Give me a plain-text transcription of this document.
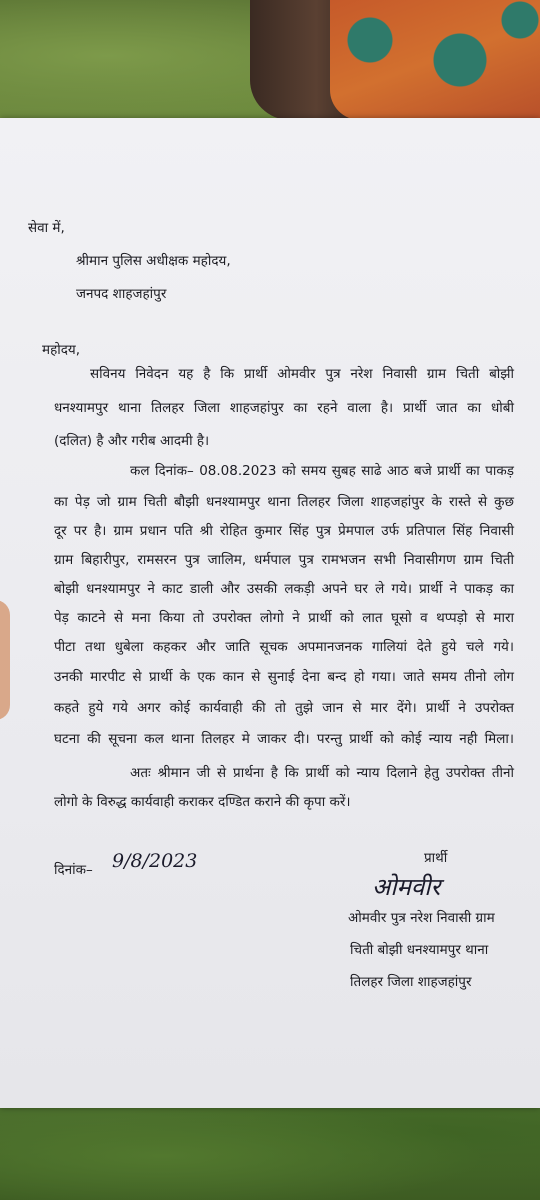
सेवा में,
श्रीमान पुलिस अधीक्षक महोदय,
जनपद शाहजहांपुर
महोदय,
सविनय निवेदन यह है कि प्रार्थी ओमवीर पुत्र नरेश निवासी ग्राम चिती बोझी
धनश्यामपुर थाना तिलहर जिला शाहजहांपुर का रहने वाला है। प्रार्थी जात का धोबी
(दलित) है और गरीब आदमी है।
कल दिनांक– 08.08.2023 को समय सुबह साढे आठ बजे प्रार्थी का पाकड़
का पेड़ जो ग्राम चिती बौझी धनश्यामपुर थाना तिलहर जिला शाहजहांपुर के रास्ते से कुछ
दूर पर है। ग्राम प्रधान पति श्री रोहित कुमार सिंह पुत्र प्रेमपाल उर्फ प्रतिपाल सिंह निवासी
ग्राम बिहारीपुर, रामसरन पुत्र जालिम, धर्मपाल पुत्र रामभजन सभी निवासीगण ग्राम चिती
बोझी धनश्यामपुर ने काट डाली और उसकी लकड़ी अपने घर ले गये। प्रार्थी ने पाकड़ का
पेड़ काटने से मना किया तो उपरोक्त लोगो ने प्रार्थी को लात घूसो व थप्पड़ो से मारा
पीटा तथा धुबेला कहकर और जाति सूचक अपमानजनक गालियां देते हुये चले गये।
उनकी मारपीट से प्रार्थी के एक कान से सुनाई देना बन्द हो गया। जाते समय तीनो लोग
कहते हुये गये अगर कोई कार्यवाही की तो तुझे जान से मार देंगे। प्रार्थी ने उपरोक्त
घटना की सूचना कल थाना तिलहर मे जाकर दी। परन्तु प्रार्थी को कोई न्याय नही मिला।
अतः श्रीमान जी से प्रार्थना है कि प्रार्थी को न्याय दिलाने हेतु उपरोक्त तीनो
लोगो के विरुद्ध कार्यवाही कराकर दण्डित कराने की कृपा करें।
दिनांक– 9/8/2023	प्रार्थी
ओमवीर
ओमवीर पुत्र नरेश निवासी ग्राम
चिती बोझी धनश्यामपुर थाना
तिलहर जिला शाहजहांपुर
